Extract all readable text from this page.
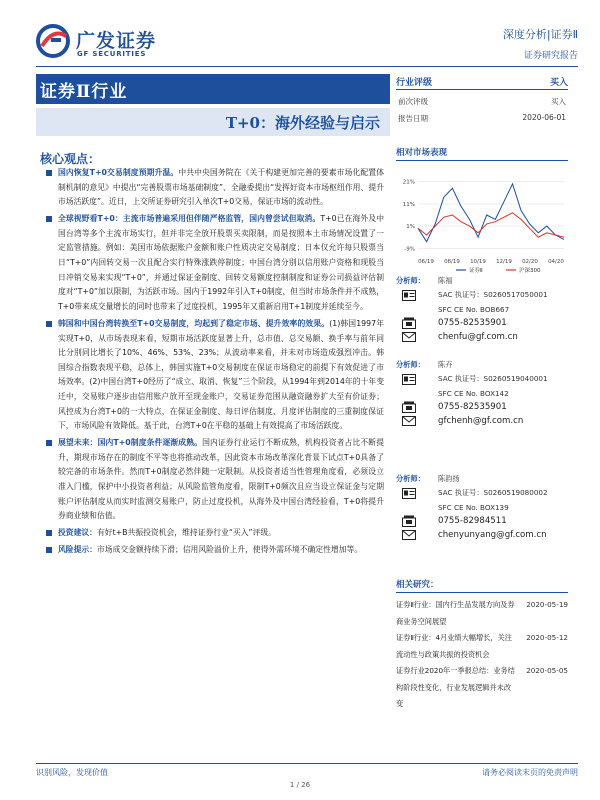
广发证券
GF SECURITIES
深度分析|证券Ⅱ
证券研究报告
证券Ⅱ行业
T+0：海外经验与启示
核心观点：
国内恢复T+0交易制度预期升温。中共中央国务院在《关于构建更加完善的要素市场化配置体制机制的意见》中提出“完善股票市场基础制度”、全融委提出“发挥好资本市场枢纽作用、提升市场活跃度”。近日，上交所证券研究引入单次T+0交易，保证市场的流动性。
全球视野看T+0：主流市场普遍采用但伴随严格监管，国内曾尝试但取消。T+0已在海外及中国台湾等多个主流市场实行，但并非完全放开股票买卖限制，而是按照本土市场情况设置了一定监管措施。例如：美国市场依据账户金额和账户性质决定交易制度；日本仅允许每只股票当日“T+0”内回转交易一次且配合实行特殊涨跌停制度；中国台湾分别以信用账户资格和现股当日冲销交易来实现“T+0”，并通过保证金制度、回转交易额度控制制度和证券公司损益评估制度对“T+0”加以限制，为活跃市场。国内于1992年引入T+0制度，但当时市场条件并不成熟，T+0带来成交量增长的同时也带来了过度投机，1995年又重新启用T+1制度并延续至今。
韩国和中国台湾转换至T+0交易制度，均起到了稳定市场、提升效率的效果。(1)韩国1997年实现T+0，从市场表现来看，短期市场活跃度显著上升，总市值、总交易额、换手率与前年同比分别同比增长了10%、46%、53%、23%；从波动率来看，并未对市场造成强烈冲击。韩国综合指数表现平稳，总体上，韩国实施T+0交易制度在保证市场稳定的前提下有效促进了市场效率。(2)中国台湾T+0经历了“成立、取消、恢复”三个阶段，从1994年到2014年的十年变迁中，交易账户逐步由信用账户放开至现金账户，交易证券范围从融资融券扩大至有价证券；风控成为台湾T+0的一大特点，在保证金制度、每日评估制度、月度评估制度的三重制度保证下，市场风险有效降低。基于此，台湾T+0在平稳的基础上有效提高了市场活跃度。
展望未来：国内T+0制度条件逐渐成熟。国内证券行业运行不断成熟，机构投资者占比不断提升，期现市场存在的制度不平等也将推动改革，因此资本市场改革深化背景下试点T+0具备了较完备的市场条件。然而T+0制度必然伴随一定限制。从投资者适当性管理角度看，必须设立准入门槛，保护中小投资者利益；从风险监管角度看，限制T+0频次且应当设立保证金与定期账户评估制度从而实时监测交易账户，防止过度投机，从海外及中国台湾经验看，T+0将提升券商业绩和估值。
投资建议：有好t+B共振投资机会，维持证券行业“买入”评级。
风险提示：市场成交金额持续下滑；信用风险溢价上升，使得外需环境不确定性增加等。
行业评级	买入
前次评级	买入
报告日期	2020-06-01
相对市场表现
21%
11%
1%
-9%
06/19 08/19 10/19 12/19 02/20 04/20
证券Ⅱ	沪深300
分析师：	陈福
SAC 执证号：S0260517050001
SFC CE No. BOB667
0755-82535901
chenfu@gf.com.cn
分析师：	陈卉
SAC 执证号：S0260519040001
SFC CE No. BOX142
0755-82535901
gfchenh@gf.com.cn
分析师：	陈韵扬
SAC 执证号：S0260519080002
SFC CE No. BOX139
0755-82984511
chenyunyang@gf.com.cn
相关研究：
证券Ⅱ行业：国内行生品发展方向及券商业务空间展望
2020-05-19
证券Ⅱ行业：4月业绩大幅增长，关注流动性与政策共振的投资机会
2020-05-12
证券行业2020年一季报总结：业务结构阶段性变化，行业发展逻辑并未改变
2020-05-05
识别风险，发现价值	请务必阅读末页的免责声明
1 / 26
